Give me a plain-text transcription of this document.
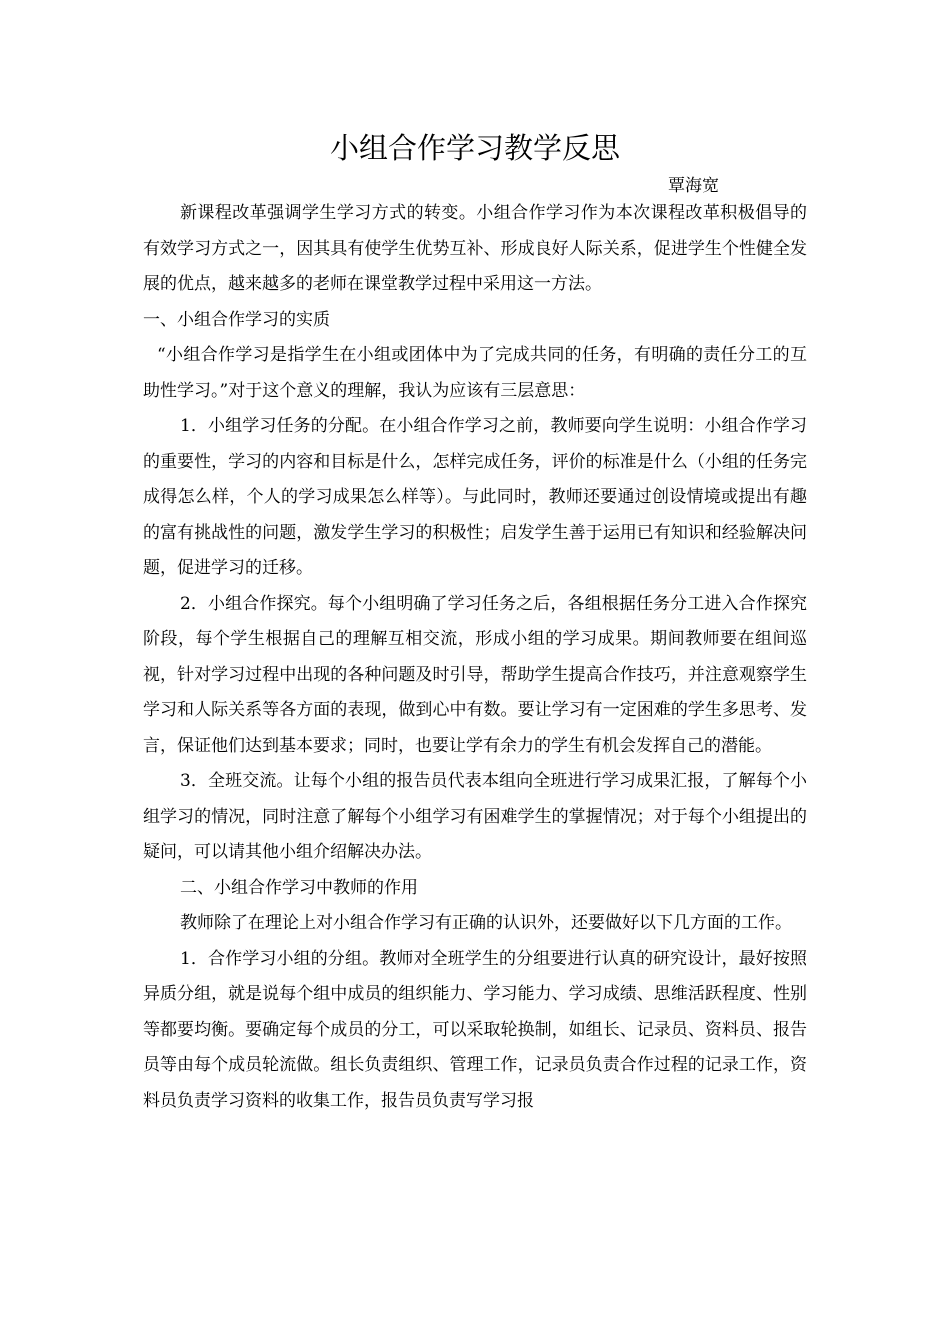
小组合作学习教学反思

覃海宽

新课程改革强调学生学习方式的转变。小组合作学习作为本次课程改革积极倡导的有效学习方式之一，因其具有使学生优势互补、形成良好人际关系，促进学生个性健全发展的优点，越来越多的老师在课堂教学过程中采用这一方法。

一、小组合作学习的实质

“小组合作学习是指学生在小组或团体中为了完成共同的任务，有明确的责任分工的互助性学习。”对于这个意义的理解，我认为应该有三层意思：

1．小组学习任务的分配。在小组合作学习之前，教师要向学生说明：小组合作学习的重要性，学习的内容和目标是什么，怎样完成任务，评价的标准是什么（小组的任务完成得怎么样，个人的学习成果怎么样等）。与此同时，教师还要通过创设情境或提出有趣的富有挑战性的问题，激发学生学习的积极性；启发学生善于运用已有知识和经验解决问题，促进学习的迁移。

2．小组合作探究。每个小组明确了学习任务之后，各组根据任务分工进入合作探究阶段，每个学生根据自己的理解互相交流，形成小组的学习成果。期间教师要在组间巡视，针对学习过程中出现的各种问题及时引导，帮助学生提高合作技巧，并注意观察学生学习和人际关系等各方面的表现，做到心中有数。要让学习有一定困难的学生多思考、发言，保证他们达到基本要求；同时，也要让学有余力的学生有机会发挥自己的潜能。

3．全班交流。让每个小组的报告员代表本组向全班进行学习成果汇报，了解每个小组学习的情况，同时注意了解每个小组学习有困难学生的掌握情况；对于每个小组提出的疑问，可以请其他小组介绍解决办法。

二、小组合作学习中教师的作用

教师除了在理论上对小组合作学习有正确的认识外，还要做好以下几方面的工作。

1．合作学习小组的分组。教师对全班学生的分组要进行认真的研究设计，最好按照异质分组，就是说每个组中成员的组织能力、学习能力、学习成绩、思维活跃程度、性别等都要均衡。要确定每个成员的分工，可以采取轮换制，如组长、记录员、资料员、报告员等由每个成员轮流做。组长负责组织、管理工作，记录员负责合作过程的记录工作，资料员负责学习资料的收集工作，报告员负责写学习报
